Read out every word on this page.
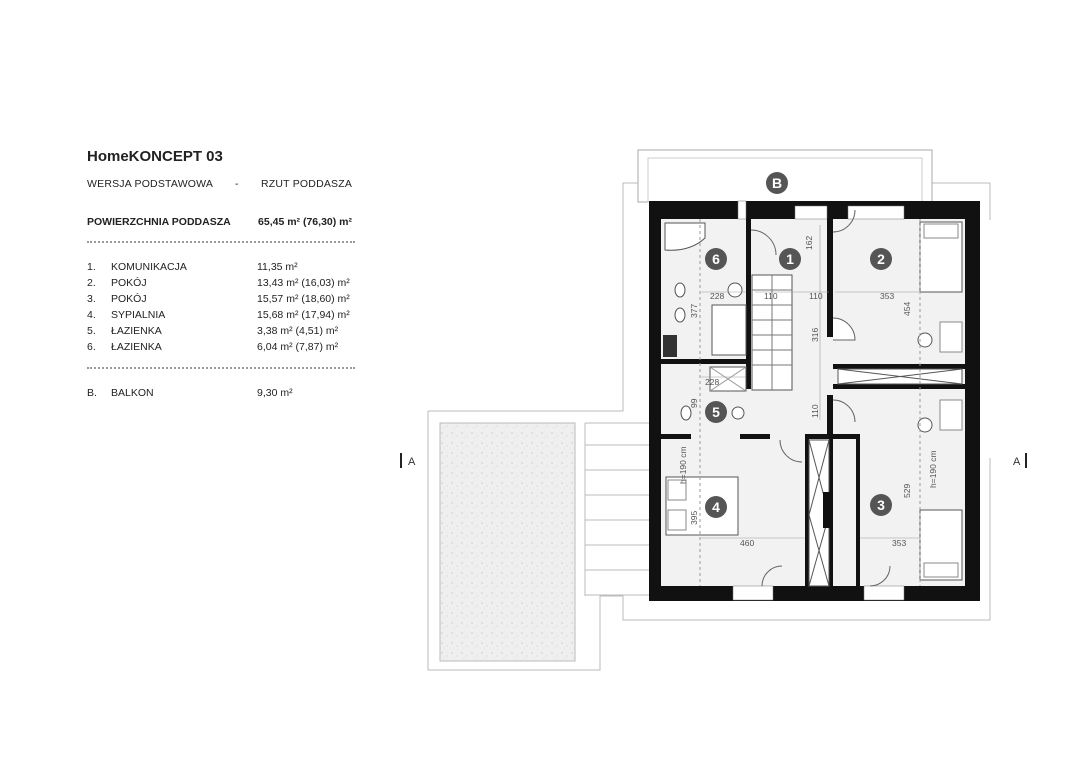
HomeKONCEPT 03
WERSJA PODSTAWOWA - RZUT PODDASZA
POWIERZCHNIA PODDASZA	65,45 m² (76,30) m²
1. KOMUNIKACJA	11,35 m²
2. POKÓJ	13,43 m² (16,03) m²
3. POKÓJ	15,57 m² (18,60) m²
4. SYPIALNIA	15,68 m² (17,94) m²
5. ŁAZIENKA	3,38 m² (4,51) m²
6. ŁAZIENKA	6,04 m² (7,87) m²
B. BALKON	9,30 m²
162
110	110	353
454
228
377
316
228
99
110
529
395
460	353
h=190 cm	h=190 cm
1	2
3
4
5
6
B
A	A
